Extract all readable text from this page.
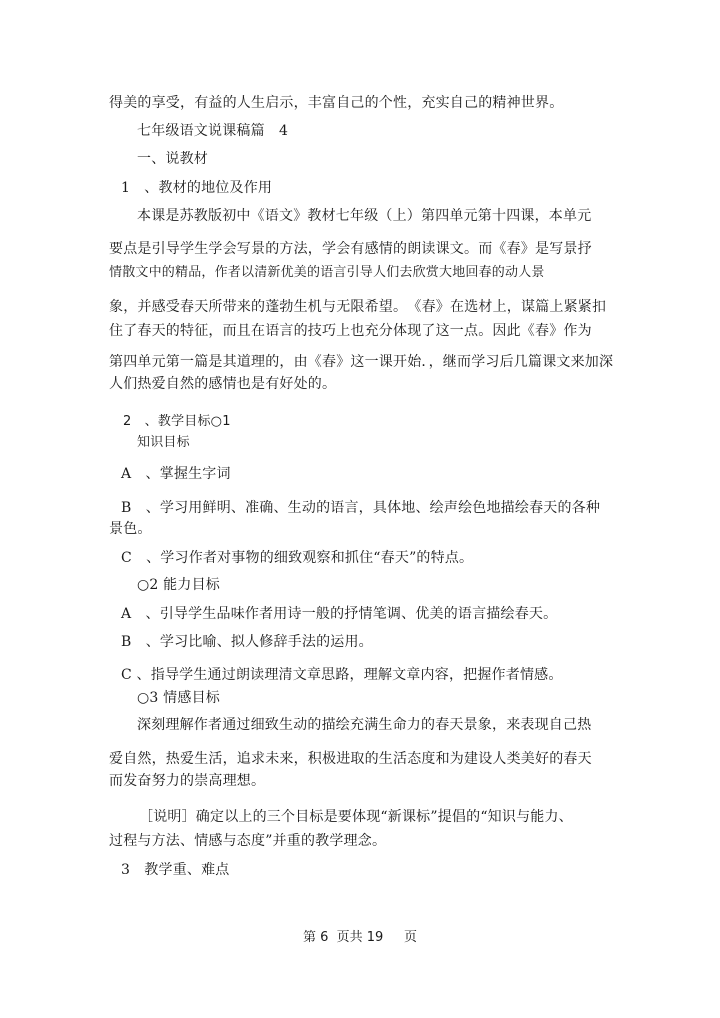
得美的享受，有益的人生启示，丰富自己的个性，充实自己的精神世界。
七年级语文说课稿篇　4
一、说教材
1　、教材的地位及作用
本课是苏教版初中《语文》教材七年级（上）第四单元第十四课，本单元
要点是引导学生学会写景的方法，学会有感情的朗读课文。而《春》是写景抒
情散文中的精品，作者以清新优美的语言引导人们去欣赏大地回春的动人景
象，并感受春天所带来的蓬勃生机与无限希望。　《春》在选材上，谋篇上紧紧扣
住了春天的特征，而且在语言的技巧上也充分体现了这一点。因此《春》作为
第四单元第一篇是其道理的，由《春》这一课开始．，继而学习后几篇课文来加深
人们热爱自然的感情也是有好处的。
2　、教学目标○1
知识目标
A　、掌握生字词
B　、学习用鲜明、准确、生动的语言，具体地、绘声绘色地描绘春天的各种
景色。
C　、学习作者对事物的细致观察和抓住“春天”的特点。
○2 能力目标
A　、引导学生品味作者用诗一般的抒情笔调、优美的语言描绘春天。
B　、学习比喻、拟人修辞手法的运用。
C 、指导学生通过朗读理清文章思路，理解文章内容，把握作者情感。
○3 情感目标
深刻理解作者通过细致生动的描绘充满生命力的春天景象，来表现自己热
爱自然，热爱生活，追求未来，积极进取的生活态度和为建设人类美好的春天
而发奋努力的崇高理想。
［说明］确定以上的三个目标是要体现“新课标”提倡的“知识与能力、
过程与方法、情感与态度”并重的教学理念。
3　教学重、难点
第 6  页共 19     页
